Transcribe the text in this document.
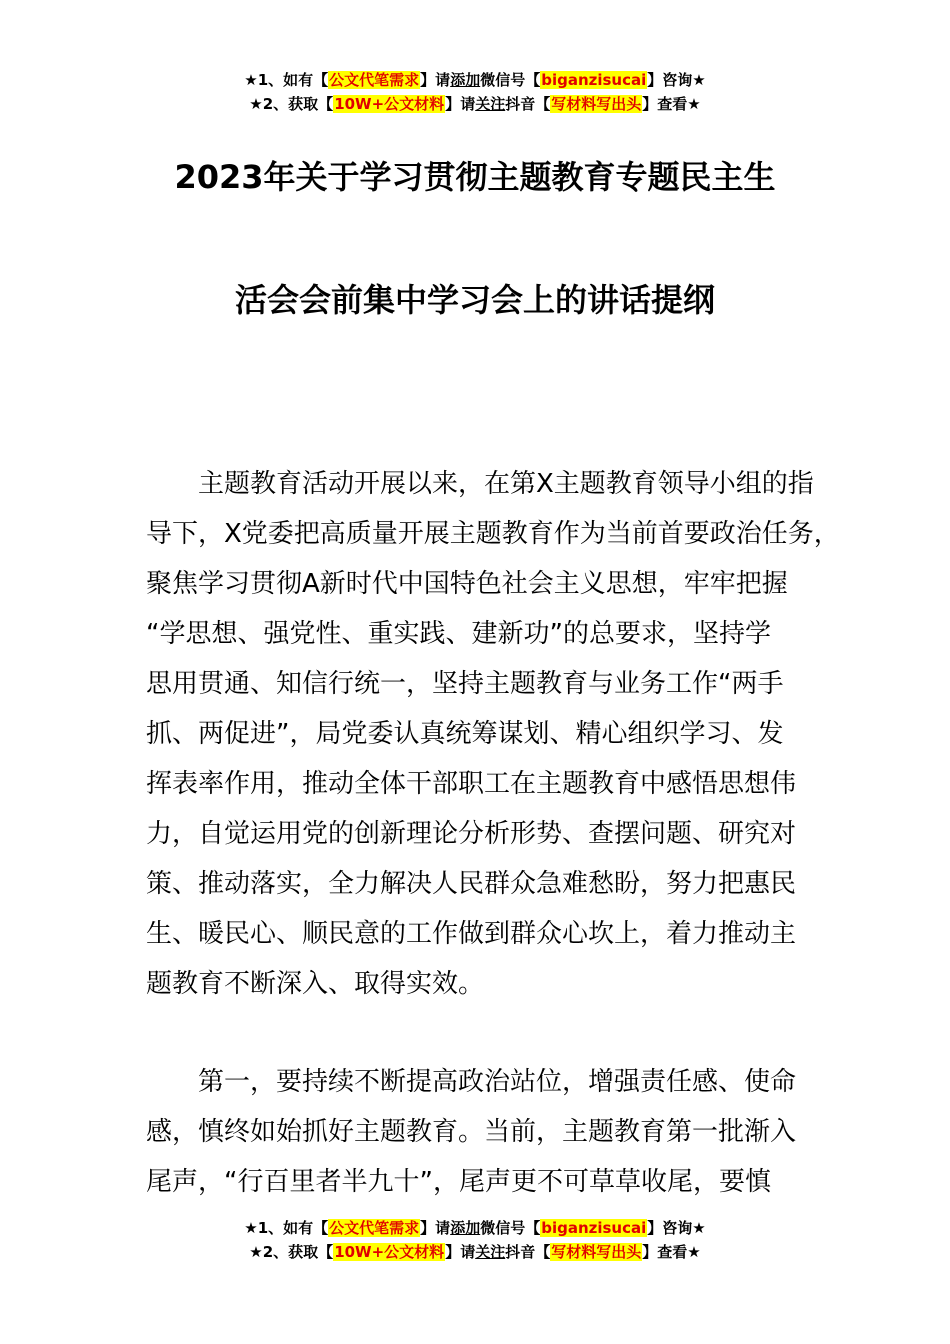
★1、如有【公文代笔需求】请添加微信号【biganzisucai】咨询★
★2、获取【10W+公文材料】请关注抖音【写材料写出头】查看★
2023年关于学习贯彻主题教育专题民主生
活会会前集中学习会上的讲话提纲
　　主题教育活动开展以来，在第X主题教育领导小组的指
导下，X党委把高质量开展主题教育作为当前首要政治任务，
聚焦学习贯彻A新时代中国特色社会主义思想，牢牢把握
“学思想、强党性、重实践、建新功”的总要求，坚持学
思用贯通、知信行统一，坚持主题教育与业务工作“两手
抓、两促进”，局党委认真统筹谋划、精心组织学习、发
挥表率作用，推动全体干部职工在主题教育中感悟思想伟
力，自觉运用党的创新理论分析形势、查摆问题、研究对
策、推动落实，全力解决人民群众急难愁盼，努力把惠民
生、暖民心、顺民意的工作做到群众心坎上，着力推动主
题教育不断深入、取得实效。
　　第一，要持续不断提高政治站位，增强责任感、使命
感，慎终如始抓好主题教育。当前，主题教育第一批渐入
尾声，“行百里者半九十”，尾声更不可草草收尾，要慎
★1、如有【公文代笔需求】请添加微信号【biganzisucai】咨询★
★2、获取【10W+公文材料】请关注抖音【写材料写出头】查看★
